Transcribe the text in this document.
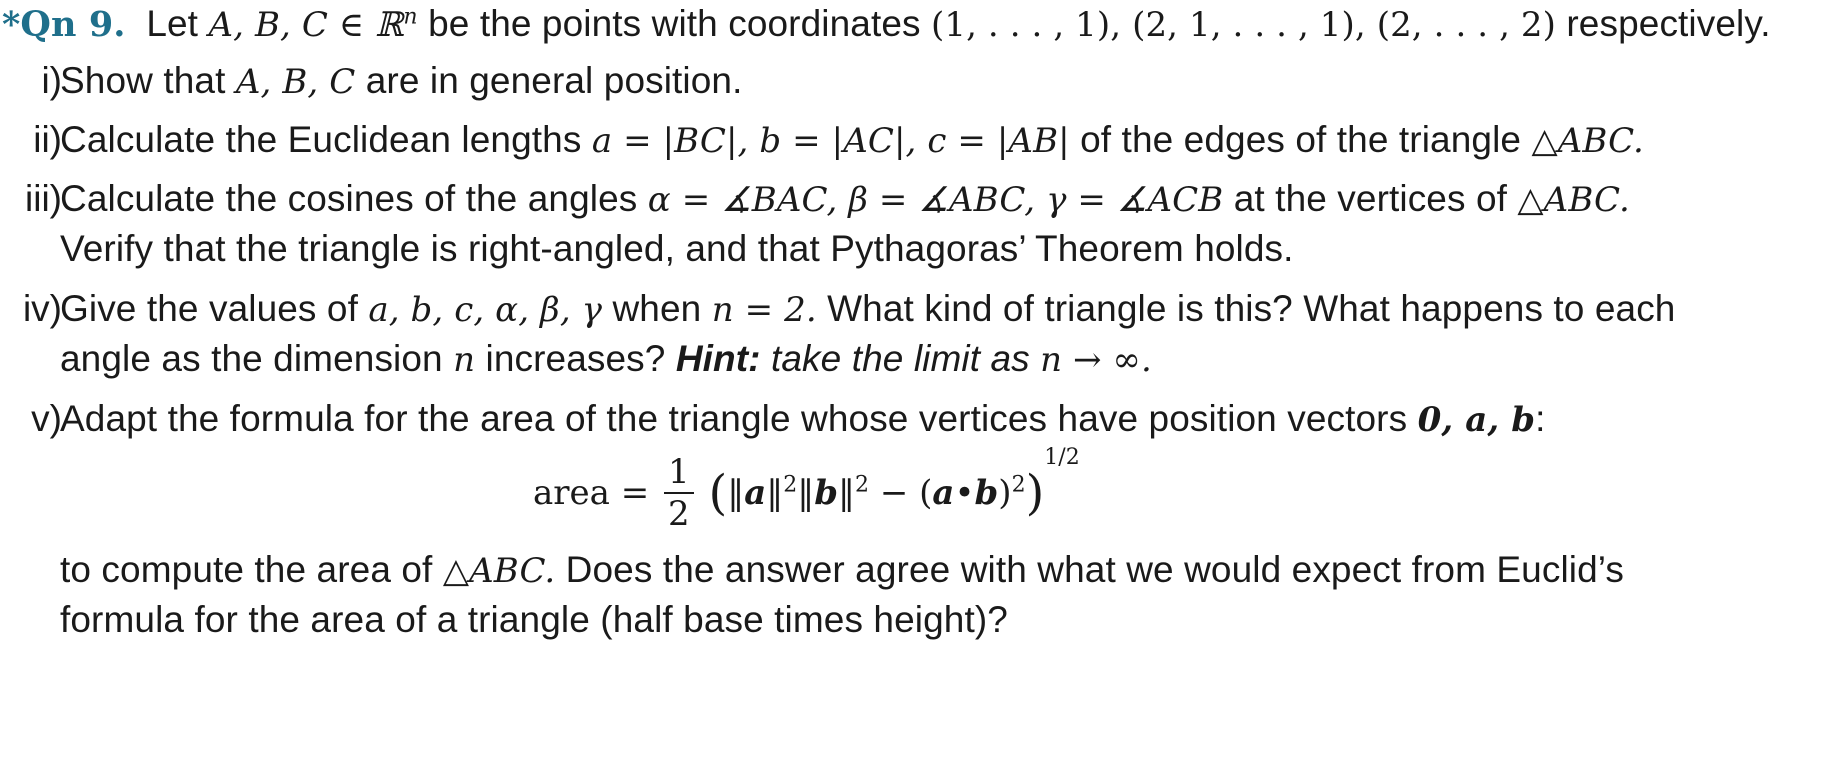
*Qn 9. Let A, B, C ∈ ℝ$^n$ be the points with coordinates (1, . . . , 1), (2, 1, . . . , 1), (2, . . . , 2) respectively.
i)
Show that A, B, C are in general position.
ii)
Calculate the Euclidean lengths a = |BC|, b = |AC|, c = |AB| of the edges of the triangle △ABC.
iii)
Calculate the cosines of the angles α = ∡BAC, β = ∡ABC, γ = ∡ACB at the vertices of △ABC.
Verify that the triangle is right-angled, and that Pythagoras’ Theorem holds.
iv)
Give the values of a, b, c, α, β, γ when n = 2. What kind of triangle is this? What happens to each
angle as the dimension n increases? Hint: take the limit as n → ∞.
v)
Adapt the formula for the area of the triangle whose vertices have position vectors 0, a, b:
area = $\frac{1}{2}$ (‖a‖$^2$‖b‖$^2$ − (a•b)$^2$)$^{1/2}$
to compute the area of △ABC. Does the answer agree with what we would expect from Euclid’s
formula for the area of a triangle (half base times height)?
